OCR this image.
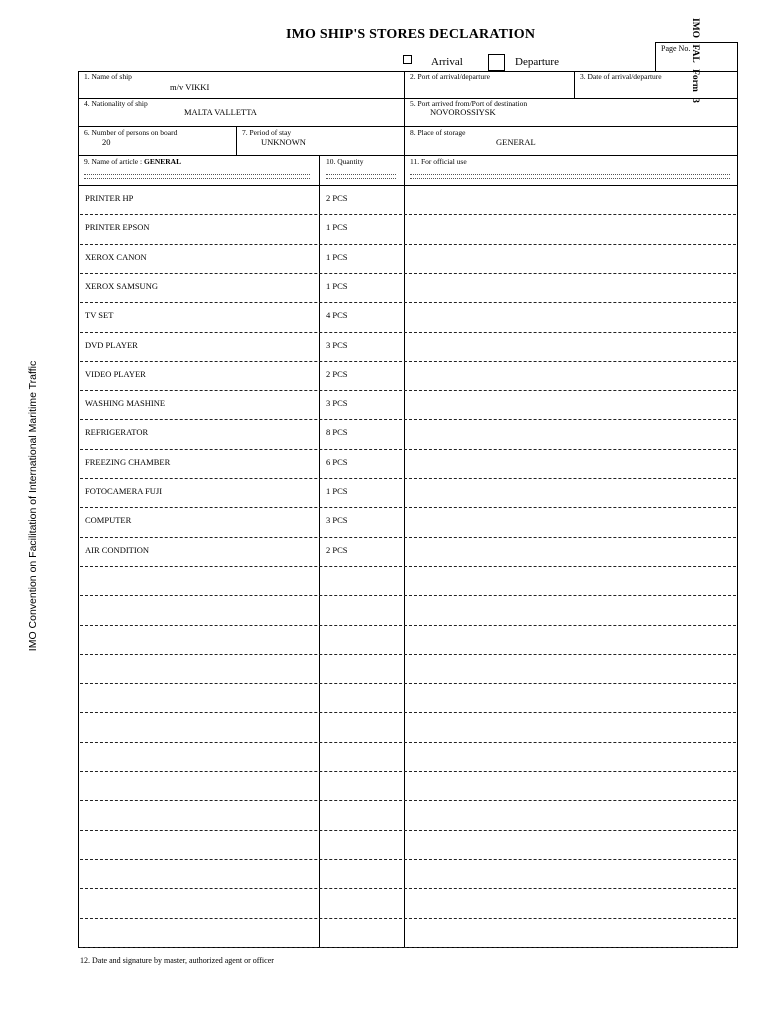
IMO SHIP'S STORES DECLARATION	IMO FAL Form 3
Page No.
IMO Convention on Facilitation of International Maritime Traffic
Arrival	Departure
1. Name of ship
m/v VIKKI
2. Port of arrival/departure	3. Date of arrival/departure
4. Nationality of ship
MALTA VALLETTA
5. Port arrived from/Port of destination
NOVOROSSIYSK
6. Number of persons on board
20
7. Period of stay
UNKNOWN
8. Place of storage
GENERAL
9. Name of article : GENERAL	10. Quantity	11. For official use
PRINTER HP	2 PCS
PRINTER EPSON	1 PCS
XEROX CANON	1 PCS
XEROX SAMSUNG	1 PCS
TV SET	4 PCS
DVD PLAYER	3 PCS
VIDEO PLAYER	2 PCS
WASHING MASHINE	3 PCS
REFRIGERATOR	8 PCS
FREEZING CHAMBER	6 PCS
FOTOCAMERA FUJI	1 PCS
COMPUTER	3 PCS
AIR CONDITION	2 PCS
12. Date and signature by master, authorized agent or officer
